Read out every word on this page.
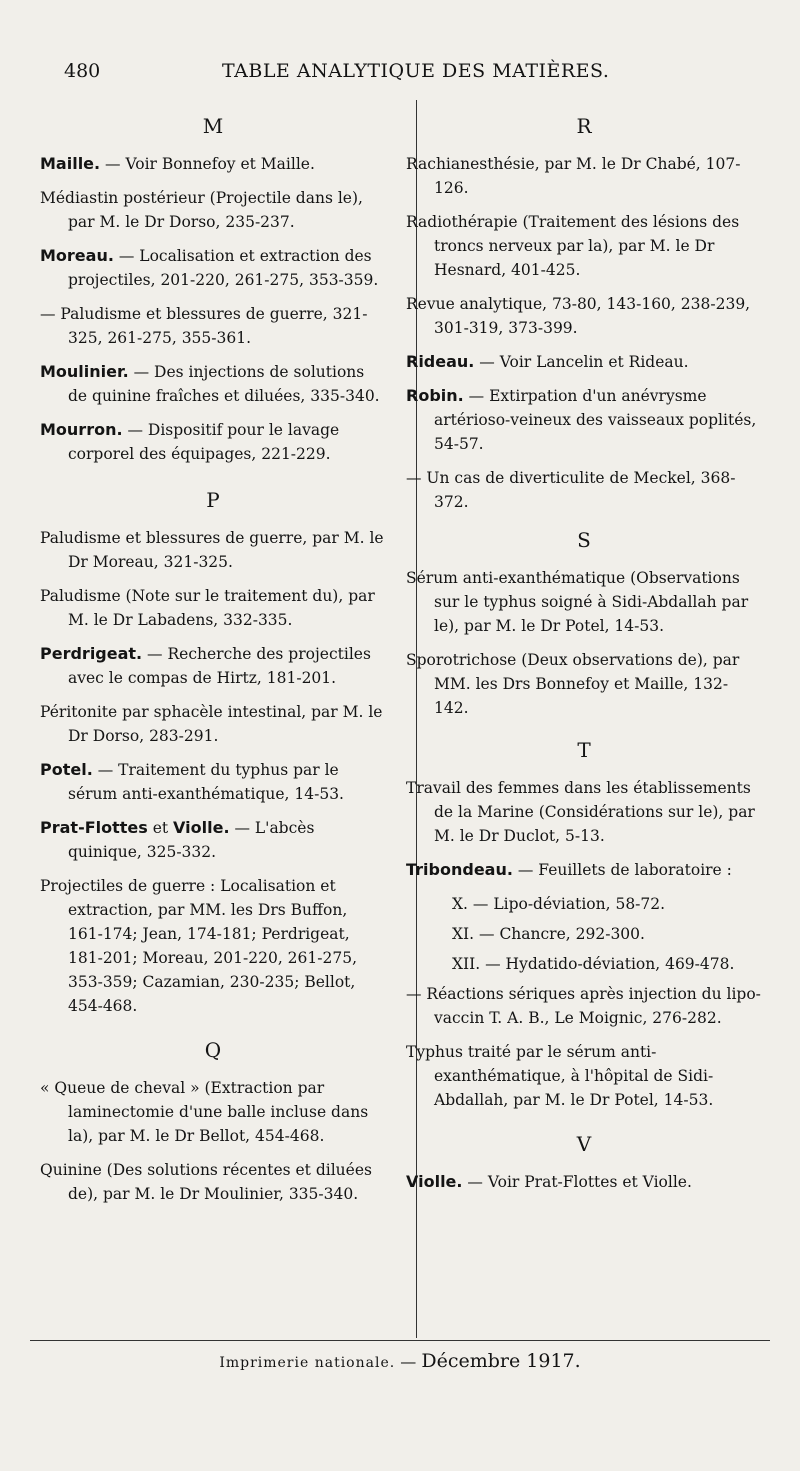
480	TABLE ANALYTIQUE DES MATIÈRES.
M

Maille. — Voir Bonnefoy et Maille.

Médiastin postérieur (Projectile dans le), par M. le Dr Dorso, 235-237.

Moreau. — Localisation et extraction des projectiles, 201-220, 261-275, 353-359.

— Paludisme et blessures de guerre, 321-325, 261-275, 355-361.

Moulinier. — Des injections de solutions de quinine fraîches et diluées, 335-340.

Mourron. — Dispositif pour le lavage corporel des équipages, 221-229.

P

Paludisme et blessures de guerre, par M. le Dr Moreau, 321-325.

Paludisme (Note sur le traitement du), par M. le Dr Labadens, 332-335.

Perdrigeat. — Recherche des projectiles avec le compas de Hirtz, 181-201.

Péritonite par sphacèle intestinal, par M. le Dr Dorso, 283-291.

Potel. — Traitement du typhus par le sérum anti-exanthématique, 14-53.

Prat-Flottes et Violle. — L'abcès quinique, 325-332.

Projectiles de guerre : Localisation et extraction, par MM. les Drs Buffon, 161-174; Jean, 174-181; Perdrigeat, 181-201; Moreau, 201-220, 261-275, 353-359; Cazamian, 230-235; Bellot, 454-468.

Q

« Queue de cheval » (Extraction par laminectomie d'une balle incluse dans la), par M. le Dr Bellot, 454-468.

Quinine (Des solutions récentes et diluées de), par M. le Dr Moulinier, 335-340.

R

Rachianesthésie, par M. le Dr Chabé, 107-126.

Radiothérapie (Traitement des lésions des troncs nerveux par la), par M. le Dr Hesnard, 401-425.

Revue analytique, 73-80, 143-160, 238-239, 301-319, 373-399.

Rideau. — Voir Lancelin et Rideau.

Robin. — Extirpation d'un anévrysme artérioso-veineux des vaisseaux poplités, 54-57.

— Un cas de diverticulite de Meckel, 368-372.

S

Sérum anti-exanthématique (Observations sur le typhus soigné à Sidi-Abdallah par le), par M. le Dr Potel, 14-53.

Sporotrichose (Deux observations de), par MM. les Drs Bonnefoy et Maille, 132-142.

T

Travail des femmes dans les établissements de la Marine (Considérations sur le), par M. le Dr Duclot, 5-13.

Tribondeau. — Feuillets de laboratoire :

X. — Lipo-déviation, 58-72.

XI. — Chancre, 292-300.

XII. — Hydatido-déviation, 469-478.

— Réactions sériques après injection du lipo-vaccin T. A. B., Le Moignic, 276-282.

Typhus traité par le sérum anti-exanthématique, à l'hôpital de Sidi-Abdallah, par M. le Dr Potel, 14-53.

V

Violle. — Voir Prat-Flottes et Violle.

Imprimerie nationale. — Décembre 1917.
